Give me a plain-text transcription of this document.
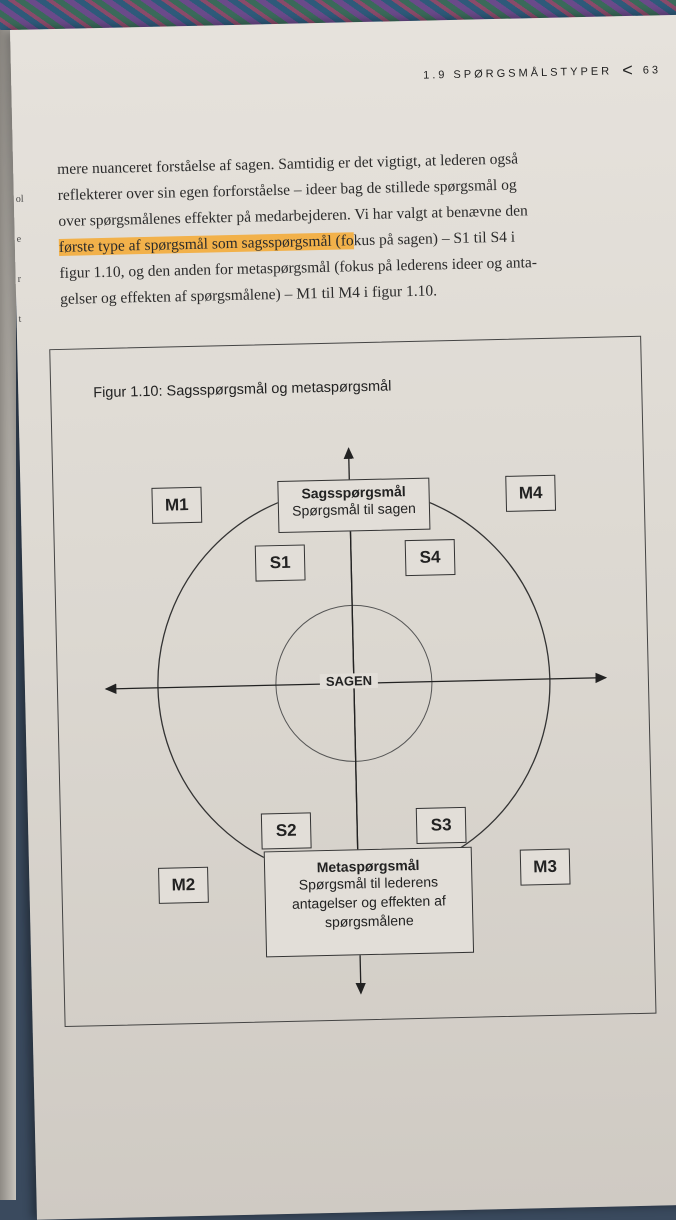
ol
e
r
t
1.9 SPØRGSMÅLSTYPER < 63

mere nuanceret forståelse af sagen. Samtidig er det vigtigt, at lederen også

reflekterer over sin egen forforståelse – ideer bag de stillede spørgsmål og

over spørgsmålenes effekter på medarbejderen. Vi har valgt at benævne den

første type af spørgsmål som sagsspørgsmål (fokus på sagen) – S1 til S4 i

figur 1.10, og den anden for metaspørgsmål (fokus på lederens ideer og anta-

gelser og effekten af spørgsmålene) – M1 til M4 i figur 1.10.

Figur 1.10: Sagsspørgsmål og metaspørgsmål
Sagsspørgsmål
Spørgsmål til sagen
SAGEN
M1
M4
S1	S4
S2	S3
M2
M3
Metaspørgsmål
Spørgsmål til lederens
antagelser og effekten af
spørgsmålene
